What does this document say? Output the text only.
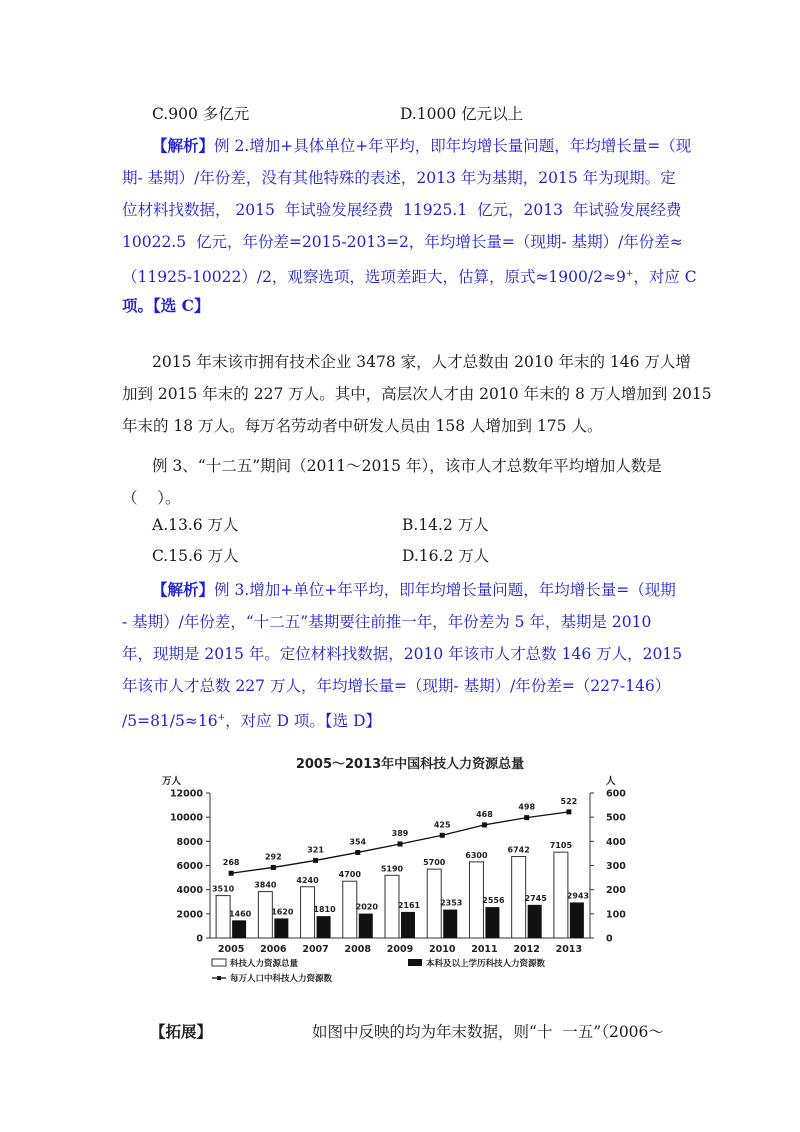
C.900 多亿元	D.1000 亿元以上
【解析】例 2.增加+具体单位+年平均，即年均增长量问题，年均增长量=（现
期- 基期）/年份差，没有其他特殊的表述，2013 年为基期，2015 年为现期。定
位材料找数据， 2015  年试验发展经费  11925.1  亿元，2013  年试验发展经费
10022.5  亿元，年份差=2015-2013=2，年均增长量=（现期- 基期）/年份差≈
（11925-10022）/2，观察选项，选项差距大，估算，原式≈1900/2≈9+，对应 C
项。【选 C】
2015 年末该市拥有技术企业 3478 家，人才总数由 2010 年末的 146 万人增
加到 2015 年末的 227 万人。其中，高层次人才由 2010 年末的 8 万人增加到 2015
年末的 18 万人。每万名劳动者中研发人员由 158 人增加到 175 人。
例 3、“十二五”期间（2011～2015 年），该市人才总数年平均增加人数是
（    ）。
A.13.6 万人	B.14.2 万人
C.15.6 万人	D.16.2 万人
【解析】例 3.增加+单位+年平均，即年均增长量问题，年均增长量=（现期
- 基期）/年份差，“十二五”基期要往前推一年，年份差为 5 年，基期是 2010
年，现期是 2015 年。定位材料找数据，2010 年该市人才总数 146 万人，2015
年该市人才总数 227 万人，年均增长量=（现期- 基期）/年份差=（227-146）
/5=81/5≈16+，对应 D 项。【选 D】
2005～2013年中国科技人力资源总量
万人	人
0
2000
4000
6000
8000
10000
12000
0
100
200
300
400
500
600
3510
1460
2005
3840
1620
2006
4240
1810
2007
4700
2020
2008
5190
2161
2009
5700
2353
2010
6300
2556
2011
6742
2745
2012
7105
2943
2013
268
292
321
354
389
425
468
498
522
科技人力资源总量	本科及以上学历科技人力资源数
每万人口中科技人力资源数
【拓展】	如图中反映的均为年末数据，则“十  一五”（2006～
